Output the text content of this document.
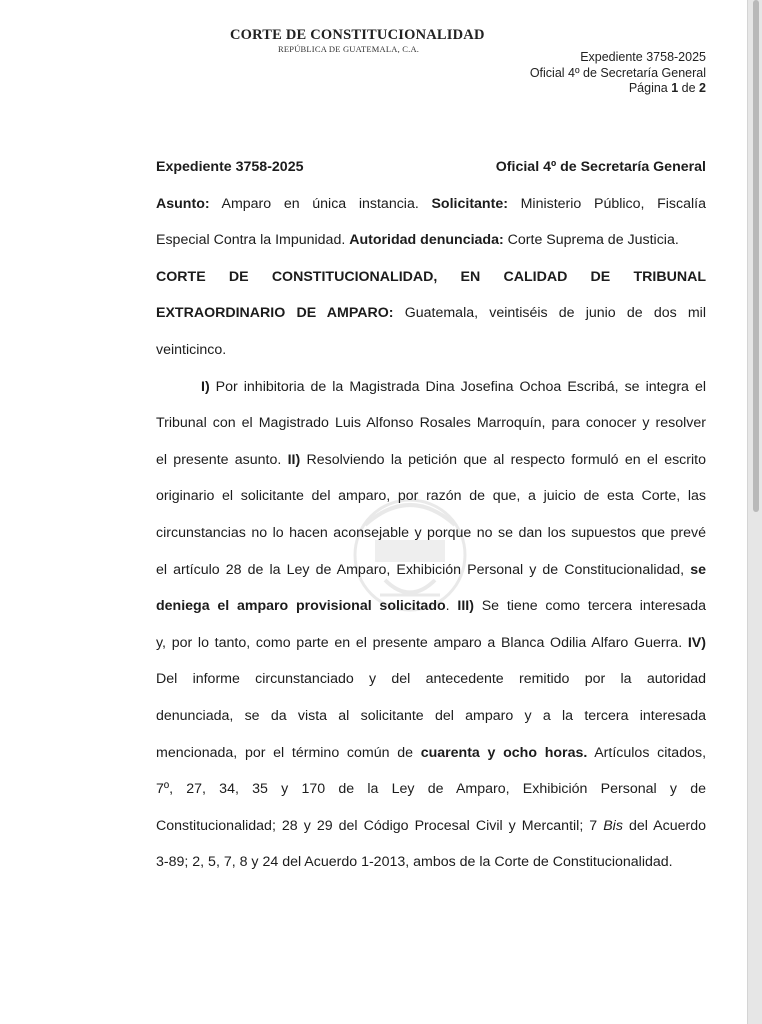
CORTE DE CONSTITUCIONALIDAD
REPÚBLICA DE GUATEMALA, C.A.
Expediente 3758-2025
Oficial 4º de Secretaría General
Página 1 de 2
Expediente 3758-2025	Oficial 4º de Secretaría General
Asunto: Amparo en única instancia. Solicitante: Ministerio Público, Fiscalía
Especial Contra la Impunidad. Autoridad denunciada: Corte Suprema de Justicia.
CORTE DE CONSTITUCIONALIDAD, EN CALIDAD DE TRIBUNAL
EXTRAORDINARIO DE AMPARO: Guatemala, veintiséis de junio de dos mil
veinticinco.
I) Por inhibitoria de la Magistrada Dina Josefina Ochoa Escribá, se integra el
Tribunal con el Magistrado Luis Alfonso Rosales Marroquín, para conocer y resolver
el presente asunto. II) Resolviendo la petición que al respecto formuló en el escrito
originario el solicitante del amparo, por razón de que, a juicio de esta Corte, las
circunstancias no lo hacen aconsejable y porque no se dan los supuestos que prevé
el artículo 28 de la Ley de Amparo, Exhibición Personal y de Constitucionalidad, se
deniega el amparo provisional solicitado. III) Se tiene como tercera interesada
y, por lo tanto, como parte en el presente amparo a Blanca Odilia Alfaro Guerra. IV)
Del informe circunstanciado y del antecedente remitido por la autoridad
denunciada, se da vista al solicitante del amparo y a la tercera interesada
mencionada, por el término común de cuarenta y ocho horas. Artículos citados,
7º, 27, 34, 35 y 170 de la Ley de Amparo, Exhibición Personal y de
Constitucionalidad; 28 y 29 del Código Procesal Civil y Mercantil; 7 Bis del Acuerdo
3-89; 2, 5, 7, 8 y 24 del Acuerdo 1-2013, ambos de la Corte de Constitucionalidad.
